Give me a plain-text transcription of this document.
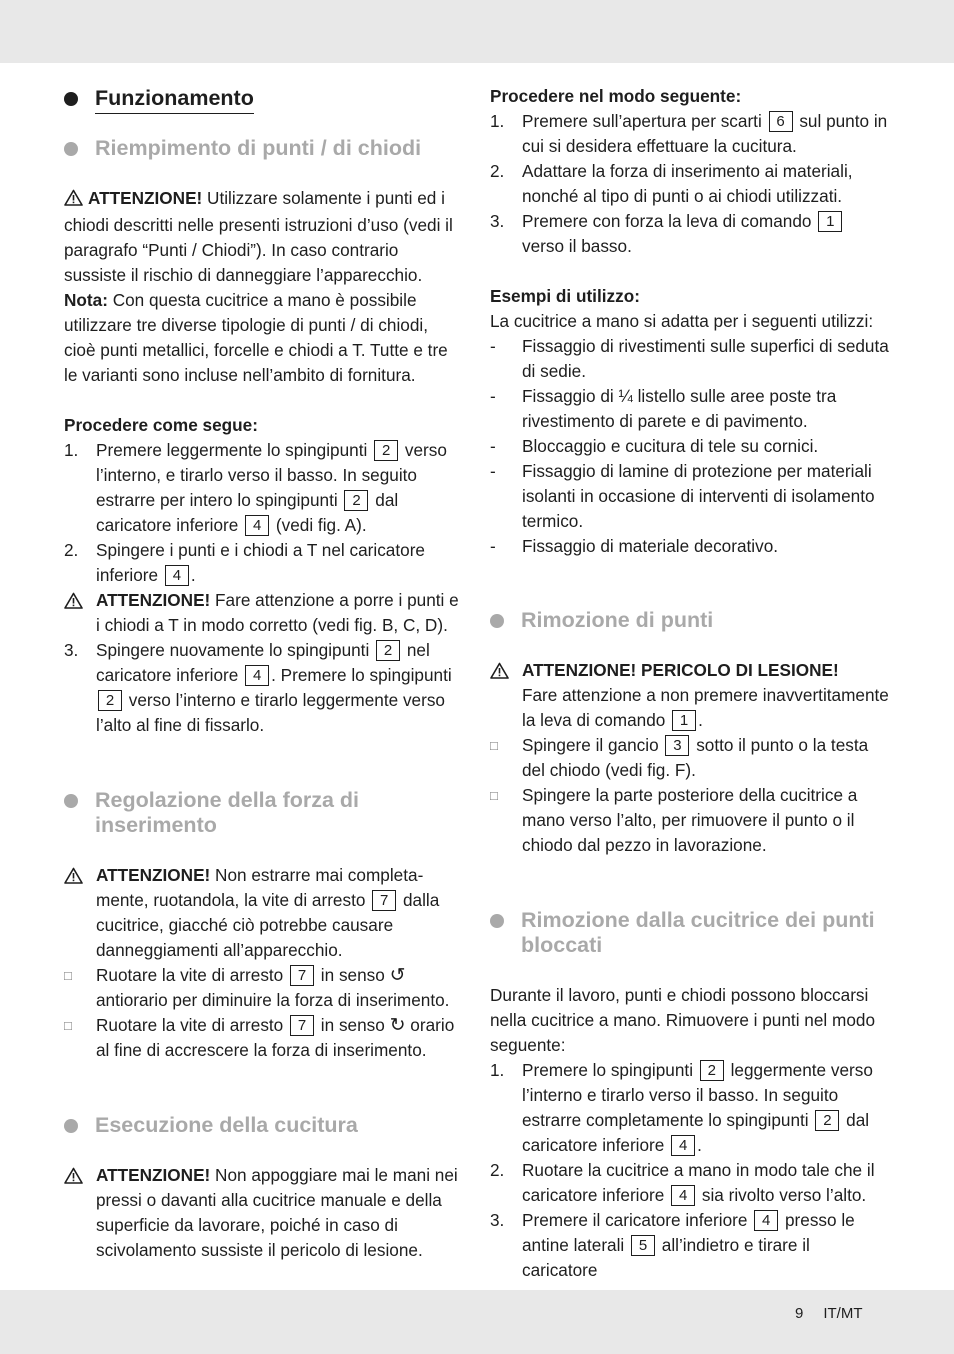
Funzionamento
Riempimento di punti / di chiodi

ATTENZIONE! Utilizzare solamente i punti ed i chiodi descritti nelle presenti istruzioni d’uso (vedi il paragrafo “Punti / Chiodi”). In caso contrario sussiste il rischio di danneggiare l’apparecchio.

Nota: Con questa cucitrice a mano è possibile utilizzare tre diverse tipologie di punti / di chiodi, cioè punti metallici, forcelle e chiodi a T. Tutte e tre le varianti sono incluse nell’ambito di fornitura.

Procedere come segue:

1.	Premere leggermente lo spingipunti 2 verso l’interno, e tirarlo verso il basso. In seguito estrarre per intero lo spingipunti 2 dal caricatore inferiore 4 (vedi fig. A).
2.	Spingere i punti e i chiodi a T nel caricatore inferiore 4 .
ATTENZIONE! Fare attenzione a porre i punti e i chiodi a T in modo corretto (vedi fig. B, C, D).
3.	Spingere nuovamente lo spingipunti 2 nel caricatore inferiore 4 . Premere lo spingipunti 2 verso l’interno e tirarlo leggermente verso l’alto al fine di fissarlo.
Regolazione della forza di inserimento
ATTENZIONE! Non estrarre mai completamente, ruotandola, la vite di arresto 7 dalla cucitrice, giacché ciò potrebbe causare danneggiamenti all’apparecchio.
□	Ruotare la vite di arresto 7 in senso ↺ antiorario per diminuire la forza di inserimento.
□	Ruotare la vite di arresto 7 in senso ↻ orario al fine di accrescere la forza di inserimento.
Esecuzione della cucitura
ATTENZIONE! Non appoggiare mai le mani nei pressi o davanti alla cucitrice manuale e della superficie da lavorare, poiché in caso di scivolamento sussiste il pericolo di lesione.

Procedere nel modo seguente:

1.	Premere sull’apertura per scarti 6 sul punto in cui si desidera effettuare la cucitura.
2.	Adattare la forza di inserimento ai materiali, nonché al tipo di punti o ai chiodi utilizzati.
3.	Premere con forza la leva di comando 1 verso il basso.

Esempi di utilizzo:

La cucitrice a mano si adatta per i seguenti utilizzi:

-	Fissaggio di rivestimenti sulle superfici di seduta di sedie.
-	Fissaggio di ¼ listello sulle aree poste tra rivestimento di parete e di pavimento.
-	Bloccaggio e cucitura di tele su cornici.
-	Fissaggio di lamine di protezione per materiali isolanti in occasione di interventi di isolamento termico.
-	Fissaggio di materiale decorativo.
Rimozione di punti
ATTENZIONE! PERICOLO DI LESIONE!
Fare attenzione a non premere inavvertitamente la leva di comando 1 .
□	Spingere il gancio 3 sotto il punto o la testa del chiodo (vedi fig. F).
□	Spingere la parte posteriore della cucitrice a mano verso l’alto, per rimuovere il punto o il chiodo dal pezzo in lavorazione.
Rimozione dalla cucitrice dei punti bloccati

Durante il lavoro, punti e chiodi possono bloccarsi nella cucitrice a mano. Rimuovere i punti nel modo seguente:

1.	Premere lo spingipunti 2 leggermente verso l’interno e tirarlo verso il basso. In seguito estrarre completamente lo spingipunti 2 dal caricatore inferiore 4 .
2.	Ruotare la cucitrice a mano in modo tale che il caricatore inferiore 4 sia rivolto verso l’alto.
3.	Premere il caricatore inferiore 4 presso le antine laterali 5 all’indietro e tirare il caricatore
9 IT/MT
